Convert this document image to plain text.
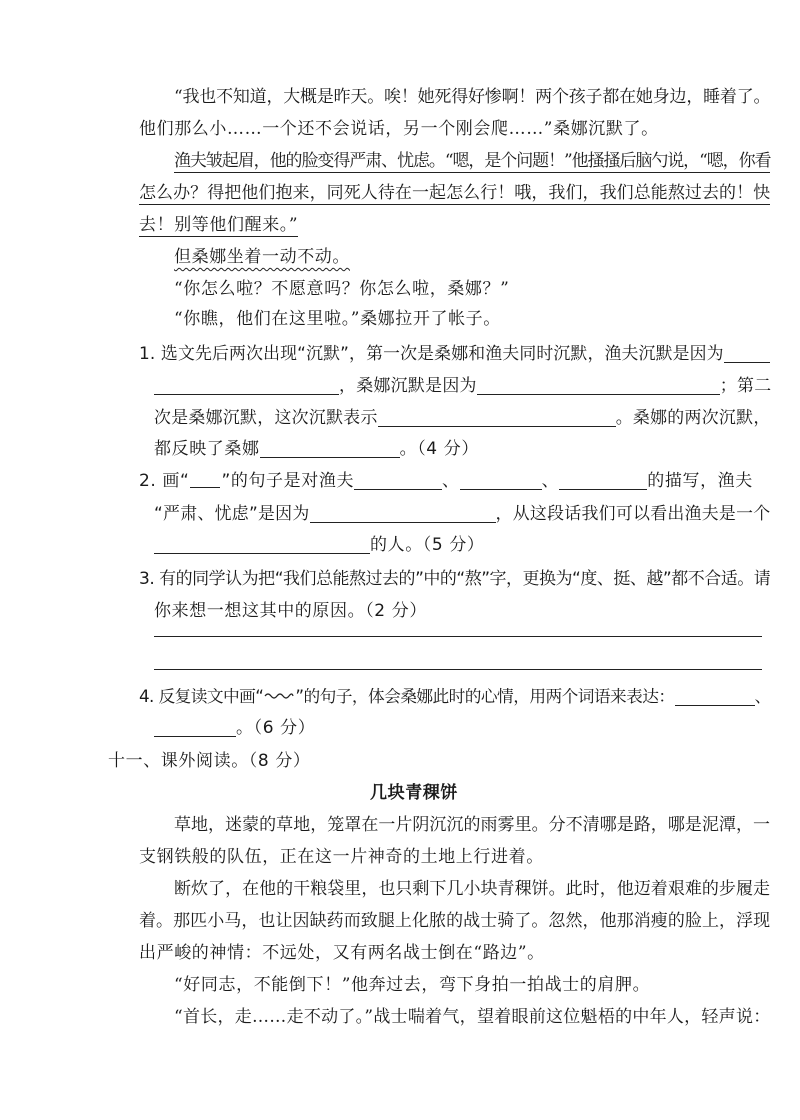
“我也不知道，大概是昨天。唉！她死得好惨啊！两个孩子都在她身边，睡着了。
他们那么小……一个还不会说话，另一个刚会爬……”桑娜沉默了。
渔夫皱起眉，他的脸变得严肃、忧虑。“嗯，是个问题！”他搔搔后脑勺说，“嗯，你看
怎么办？得把他们抱来，同死人待在一起怎么行！哦，我们，我们总能熬过去的！快
去！别等他们醒来。”
但桑娜坐着一动不动。
“你怎么啦？不愿意吗？你怎么啦，桑娜？”
“你瞧，他们在这里啦。”桑娜拉开了帐子。
1. 选文先后两次出现“沉默”，第一次是桑娜和渔夫同时沉默，渔夫沉默是因为
，桑娜沉默是因为	；第二
次是桑娜沉默，这次沉默表示	。桑娜的两次沉默，
都反映了桑娜	。（4 分）
2. 画“ ”的句子是对渔夫	、	、	的描写，渔夫
“严肃、忧虑”是因为	，从这段话我们可以看出渔夫是一个
的人。（5 分）
3. 有的同学认为把“我们总能熬过去的”中的“熬”字，更换为“度、挺、越”都不合适。请
你来想一想这其中的原因。（2 分）
4. 反复读文中画“ ”的句子，体会桑娜此时的心情，用两个词语来表达：	、
。（6 分）
十一、课外阅读。（8 分）
几块青稞饼
草地，迷蒙的草地，笼罩在一片阴沉沉的雨雾里。分不清哪是路，哪是泥潭，一
支钢铁般的队伍，正在这一片神奇的土地上行进着。
断炊了，在他的干粮袋里，也只剩下几小块青稞饼。此时，他迈着艰难的步履走
着。那匹小马，也让因缺药而致腿上化脓的战士骑了。忽然，他那消瘦的脸上，浮现
出严峻的神情：不远处，又有两名战士倒在“路边”。
“好同志，不能倒下！”他奔过去，弯下身拍一拍战士的肩胛。
“首长，走……走不动了。”战士喘着气，望着眼前这位魁梧的中年人，轻声说：
